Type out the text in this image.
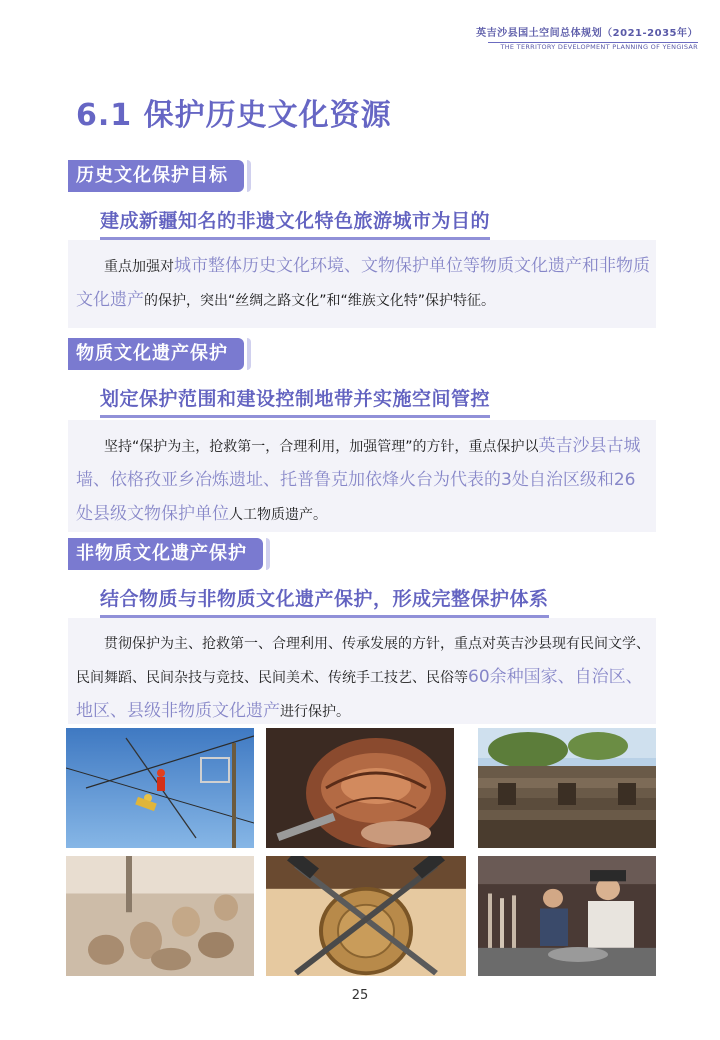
英吉沙县国土空间总体规划（2021-2035年）
THE TERRITORY DEVELOPMENT PLANNING OF YENGISAR
6.1 保护历史文化资源
历史文化保护目标
建成新疆知名的非遗文化特色旅游城市为目的

重点加强对城市整体历史文化环境、文物保护单位等物质文化遗产和非物质文化遗产的保护，突出“丝绸之路文化”和“维族文化特”保护特征。

物质文化遗产保护
划定保护范围和建设控制地带并实施空间管控

坚持“保护为主，抢救第一，合理利用，加强管理”的方针，重点保护以英吉沙县古城墙、依格孜亚乡冶炼遗址、托普鲁克加依烽火台为代表的3处自治区级和26处县级文物保护单位人工物质遗产。

非物质文化遗产保护
结合物质与非物质文化遗产保护，形成完整保护体系

贯彻保护为主、抢救第一、合理利用、传承发展的方针，重点对英吉沙县现有民间文学、民间舞蹈、民间杂技与竞技、民间美术、传统手工技艺、民俗等60余种国家、自治区、地区、县级非物质文化遗产进行保护。

25
